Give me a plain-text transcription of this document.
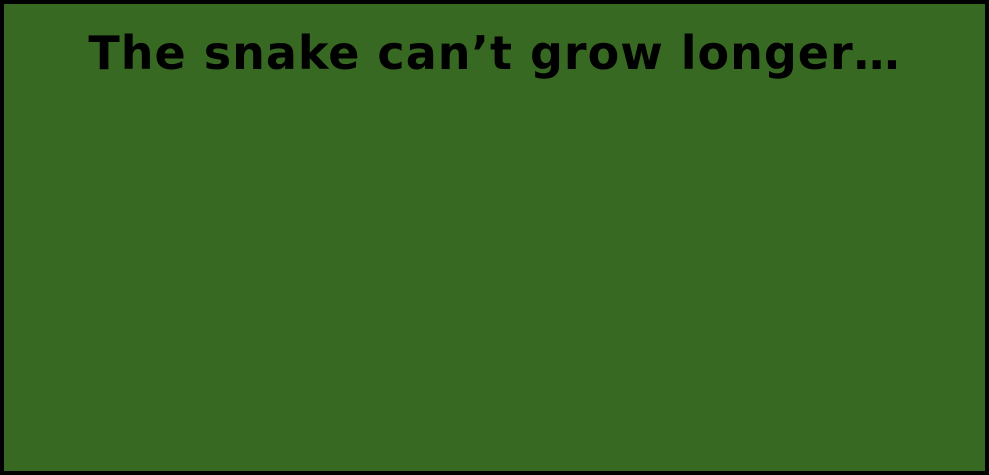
The snake can’t grow longer…
